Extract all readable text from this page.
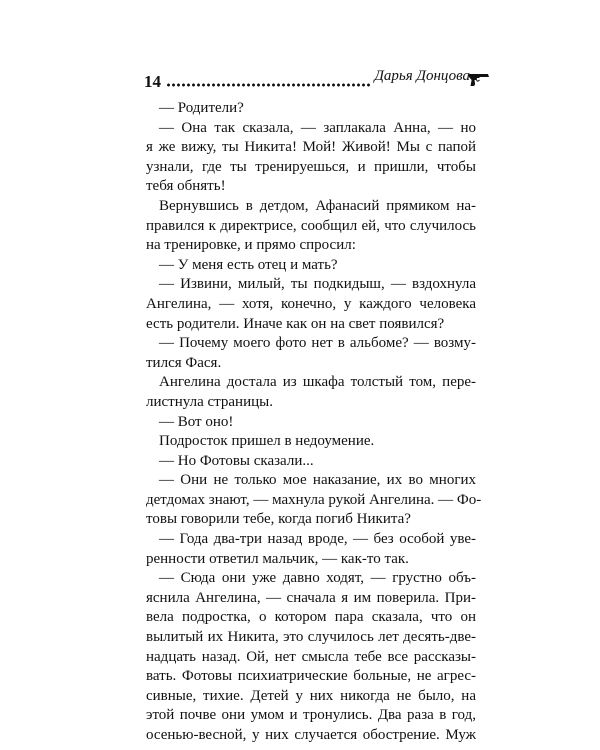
14	Дарья Донцова
— Родители?
— Она так сказала, — заплакала Анна, — но
я же вижу, ты Никита! Мой! Живой! Мы с папой
узнали, где ты тренируешься, и пришли, чтобы
тебя обнять!
Вернувшись в детдом, Афанасий прямиком на-
правился к директрисе, сообщил ей, что случилось
на тренировке, и прямо спросил:
— У меня есть отец и мать?
— Извини, милый, ты подкидыш, — вздохнула
Ангелина, — хотя, конечно, у каждого человека
есть родители. Иначе как он на свет появился?
— Почему моего фото нет в альбоме? — возму-
тился Фася.
Ангелина достала из шкафа толстый том, пере-
листнула страницы.
— Вот оно!
Подросток пришел в недоумение.
— Но Фотовы сказали...
— Они не только мое наказание, их во многих
детдомах знают, — махнула рукой Ангелина. — Фо-
товы говорили тебе, когда погиб Никита?
— Года два-три назад вроде, — без особой уве-
ренности ответил мальчик, — как-то так.
— Сюда они уже давно ходят, — грустно объ-
яснила Ангелина, — сначала я им поверила. При-
вела подростка, о котором пара сказала, что он
вылитый их Никита, это случилось лет десять-две-
надцать назад. Ой, нет смысла тебе все рассказы-
вать. Фотовы психиатрические больные, не агрес-
сивные, тихие. Детей у них никогда не было, на
этой почве они умом и тронулись. Два раза в год,
осенью-весной, у них случается обострение. Муж
